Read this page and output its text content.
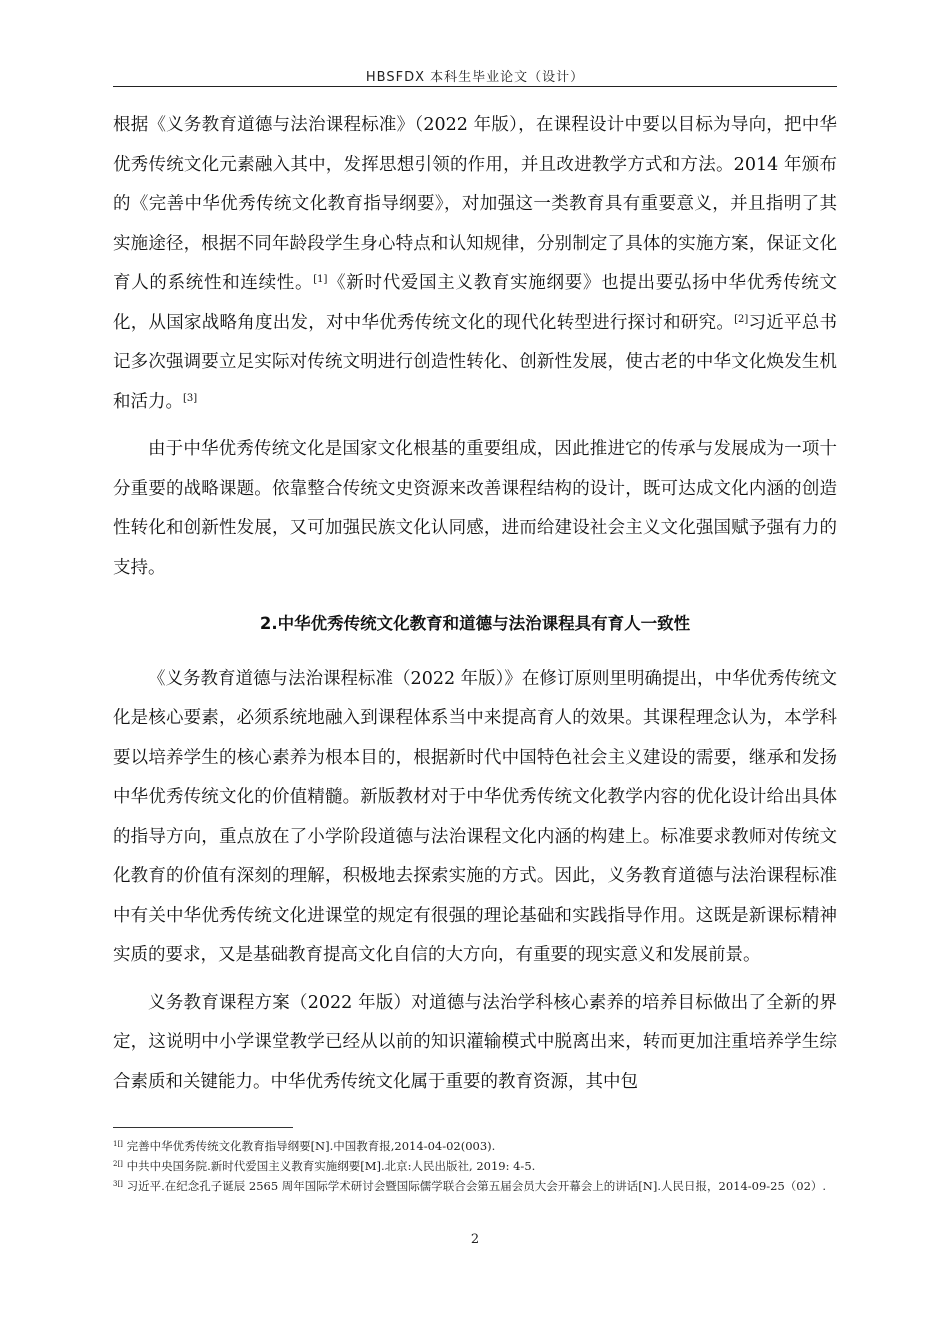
HBSFDX 本科生毕业论文（设计）

根据《义务教育道德与法治课程标准》（2022 年版），在课程设计中要以目标为导向，把中华优秀传统文化元素融入其中，发挥思想引领的作用，并且改进教学方式和方法。2014 年颁布的《完善中华优秀传统文化教育指导纲要》，对加强这一类教育具有重要意义，并且指明了其实施途径，根据不同年龄段学生身心特点和认知规律，分别制定了具体的实施方案，保证文化育人的系统性和连续性。[1]《新时代爱国主义教育实施纲要》也提出要弘扬中华优秀传统文化，从国家战略角度出发，对中华优秀传统文化的现代化转型进行探讨和研究。[2]习近平总书记多次强调要立足实际对传统文明进行创造性转化、创新性发展，使古老的中华文化焕发生机和活力。[3]

由于中华优秀传统文化是国家文化根基的重要组成，因此推进它的传承与发展成为一项十分重要的战略课题。依靠整合传统文史资源来改善课程结构的设计，既可达成文化内涵的创造性转化和创新性发展，又可加强民族文化认同感，进而给建设社会主义文化强国赋予强有力的支持。

2.中华优秀传统文化教育和道德与法治课程具有育人一致性

《义务教育道德与法治课程标准（2022 年版）》在修订原则里明确提出，中华优秀传统文化是核心要素，必须系统地融入到课程体系当中来提高育人的效果。其课程理念认为，本学科要以培养学生的核心素养为根本目的，根据新时代中国特色社会主义建设的需要，继承和发扬中华优秀传统文化的价值精髓。新版教材对于中华优秀传统文化教学内容的优化设计给出具体的指导方向，重点放在了小学阶段道德与法治课程文化内涵的构建上。标准要求教师对传统文化教育的价值有深刻的理解，积极地去探索实施的方式。因此，义务教育道德与法治课程标准中有关中华优秀传统文化进课堂的规定有很强的理论基础和实践指导作用。这既是新课标精神实质的要求，又是基础教育提高文化自信的大方向，有重要的现实意义和发展前景。

义务教育课程方案（2022 年版）对道德与法治学科核心素养的培养目标做出了全新的界定，这说明中小学课堂教学已经从以前的知识灌输模式中脱离出来，转而更加注重培养学生综合素质和关键能力。中华优秀传统文化属于重要的教育资源，其中包

$^{1[]}$ 完善中华优秀传统文化教育指导纲要[N].中国教育报,2014-04-02(003).

$^{2[]}$ 中共中央国务院.新时代爱国主义教育实施纲要[M].北京:人民出版社, 2019: 4-5.

$^{3[]}$ 习近平.在纪念孔子诞辰 2565 周年国际学术研讨会暨国际儒学联合会第五届会员大会开幕会上的讲话[N].人民日报，2014-09-25（02）.

2
